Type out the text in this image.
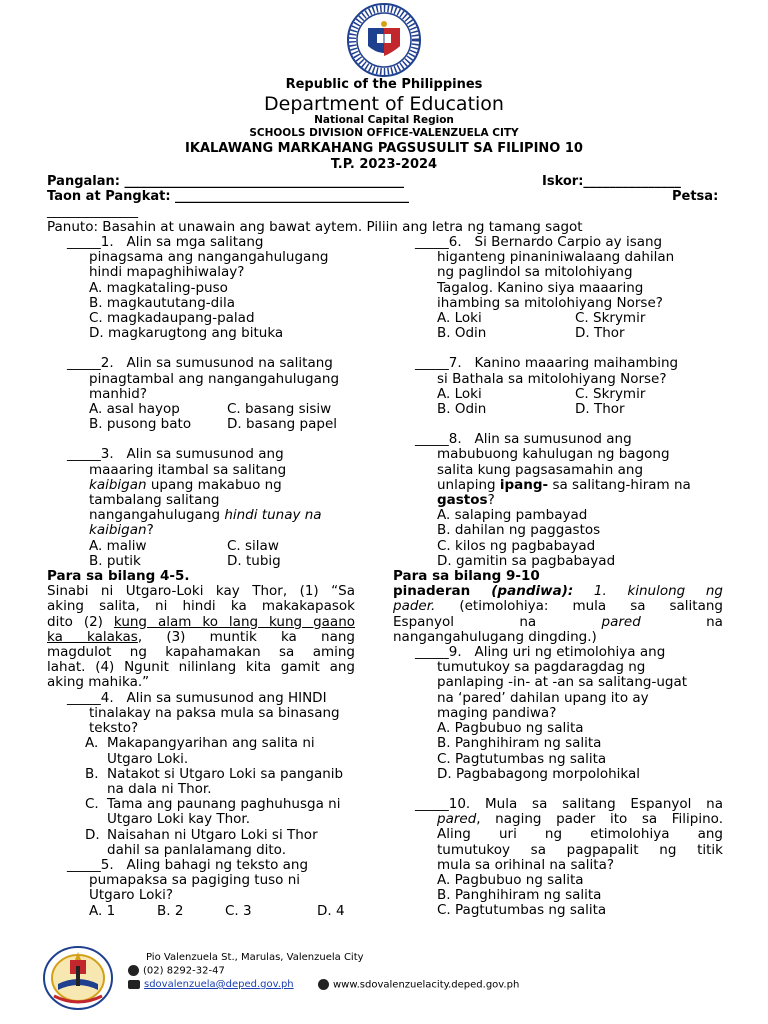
Republic of the Philippines
Department of Education
National Capital Region
SCHOOLS DIVISION OFFICE-VALENZUELA CITY
IKALAWANG MARKAHANG PAGSUSULIT SA FILIPINO 10
T.P. 2023-2024
Pangalan: ___________________________________________	Iskor:_______________
Taon at Pangkat: ____________________________________	Petsa:
______________
Panuto: Basahin at unawain ang bawat aytem. Piliin ang letra ng tamang sagot
_____1. Alin sa mga salitang
pinagsama ang nangangahulugang
hindi mapaghihiwalay?
A. magkataling-puso
B. magkaututang-dila
C. magkadaupang-palad
D. magkarugtong ang bituka
_____2. Alin sa sumusunod na salitang
pinagtambal ang nangangahulugang
manhid?
A. asal hayop	C. basang sisiw
B. pusong bato	D. basang papel
_____3. Alin sa sumusunod ang
maaaring itambal sa salitang
kaibigan upang makabuo ng
tambalang salitang
nangangahulugang hindi tunay na
kaibigan?
A. maliw	C. silaw
B. putik	D. tubig
Para sa bilang 4-5.
Sinabi ni Utgaro-Loki kay Thor, (1) “Sa
aking salita, ni hindi ka makakapasok
dito (2) kung alam ko lang kung gaano
ka kalakas, (3) muntik ka nang
magdulot ng kapahamakan sa aming
lahat. (4) Ngunit nilinlang kita gamit ang
aking mahika.”
_____4. Alin sa sumusunod ang HINDI
tinalakay na paksa mula sa binasang
teksto?
A. Makapangyarihan ang salita ni
Utgaro Loki.
B. Natakot si Utgaro Loki sa panganib
na dala ni Thor.
C. Tama ang paunang paghuhusga ni
Utgaro Loki kay Thor.
D. Naisahan ni Utgaro Loki si Thor
dahil sa panlalamang dito.
_____5. Aling bahagi ng teksto ang
pumapaksa sa pagiging tuso ni
Utgaro Loki?
A. 1	B. 2	C. 3	D. 4
_____6. Si Bernardo Carpio ay isang
higanteng pinaniniwalaang dahilan
ng paglindol sa mitolohiyang
Tagalog. Kanino siya maaaring
ihambing sa mitolohiyang Norse?
A. Loki	C. Skrymir
B. Odin	D. Thor
_____7. Kanino maaaring maihambing
si Bathala sa mitolohiyang Norse?
A. Loki	C. Skrymir
B. Odin	D. Thor
_____8. Alin sa sumusunod ang
mabubuong kahulugan ng bagong
salita kung pagsasamahin ang
unlaping ipang- sa salitang-hiram na
gastos?
A. salaping pambayad
B. dahilan ng paggastos
C. kilos ng pagbabayad
D. gamitin sa pagbabayad
Para sa bilang 9-10
pinaderan (pandiwa): 1. kinulong ng
pader. (etimolohiya: mula sa salitang
Espanyol	na	pared	na
nangangahulugang dingding.)
_____9. Aling uri ng etimolohiya ang
tumutukoy sa pagdaragdag ng
panlaping -in- at -an sa salitang-ugat
na ‘pared’ dahilan upang ito ay
maging pandiwa?
A. Pagbubuo ng salita
B. Panghihiram ng salita
C. Pagtutumbas ng salita
D. Pagbabagong morpolohikal
_____10. Mula sa salitang Espanyol na
pared, naging pader ito sa Filipino.
Aling uri ng etimolohiya ang
tumutukoy sa pagpapalit ng titik
mula sa orihinal na salita?
A. Pagbubuo ng salita
B. Panghihiram ng salita
C. Pagtutumbas ng salita
Pio Valenzuela St., Marulas, Valenzuela City
(02) 8292-32-47
sdovalenzuela@deped.gov.ph	www.sdovalenzuelacity.deped.gov.ph
